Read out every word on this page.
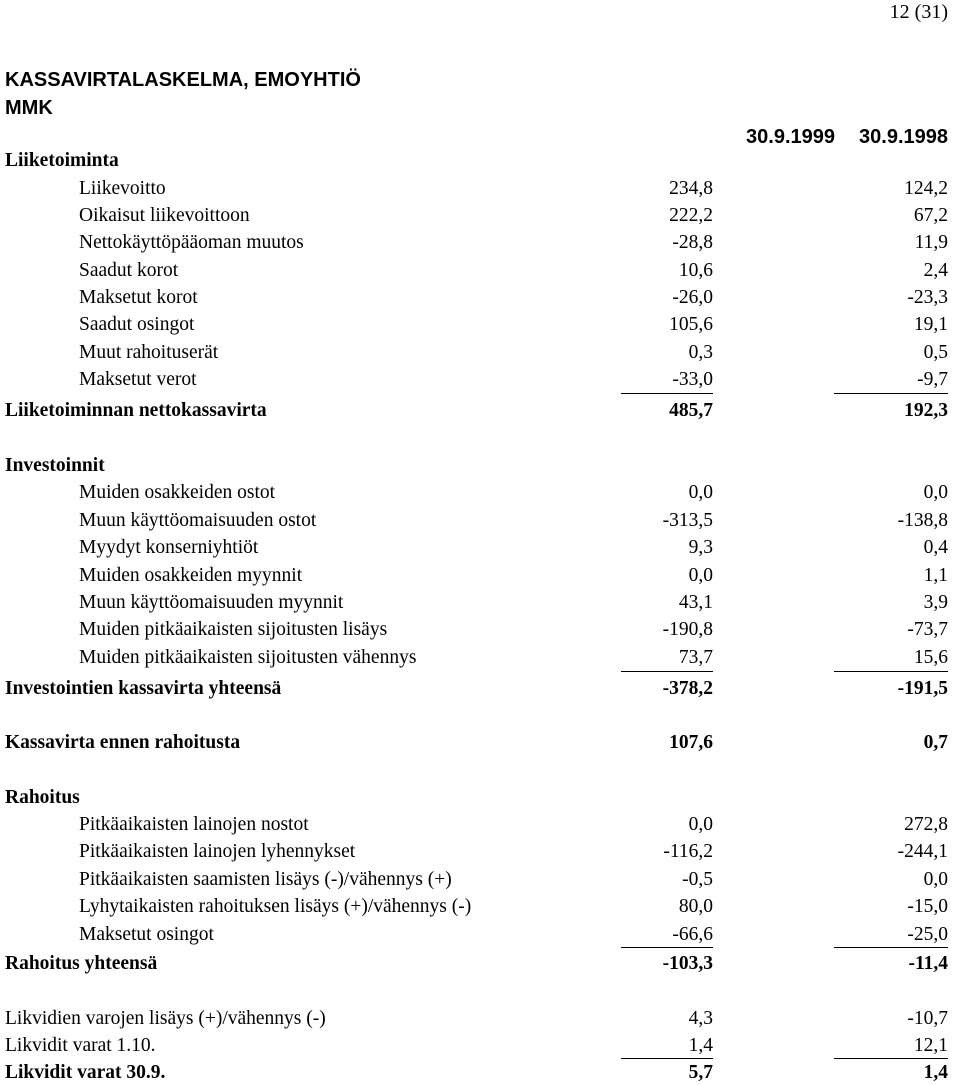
12 (31)
KASSAVIRTALASKELMA, EMOYHTIÖ
MMK
30.9.1999 30.9.1998
Liiketoiminta
Liikevoitto	234,8	124,2
Oikaisut liikevoittoon	222,2	67,2
Nettokäyttöpääoman muutos	-28,8	11,9
Saadut korot	10,6	2,4
Maksetut korot	-26,0	-23,3
Saadut osingot	105,6	19,1
Muut rahoituserät	0,3	0,5
Maksetut verot	-33,0	-9,7
Liiketoiminnan nettokassavirta	485,7	192,3
Investoinnit
Muiden osakkeiden ostot	0,0	0,0
Muun käyttöomaisuuden ostot	-313,5	-138,8
Myydyt konserniyhtiöt	9,3	0,4
Muiden osakkeiden myynnit	0,0	1,1
Muun käyttöomaisuuden myynnit	43,1	3,9
Muiden pitkäaikaisten sijoitusten lisäys	-190,8	-73,7
Muiden pitkäaikaisten sijoitusten vähennys	73,7	15,6
Investointien kassavirta yhteensä	-378,2	-191,5
Kassavirta ennen rahoitusta	107,6	0,7
Rahoitus
Pitkäaikaisten lainojen nostot	0,0	272,8
Pitkäaikaisten lainojen lyhennykset	-116,2	-244,1
Pitkäaikaisten saamisten lisäys (-)/vähennys (+)	-0,5	0,0
Lyhytaikaisten rahoituksen lisäys (+)/vähennys (-)	80,0	-15,0
Maksetut osingot	-66,6	-25,0
Rahoitus yhteensä	-103,3	-11,4
Likvidien varojen lisäys (+)/vähennys (-)	4,3	-10,7
Likvidit varat 1.10.	1,4	12,1
Likvidit varat 30.9.	5,7	1,4
